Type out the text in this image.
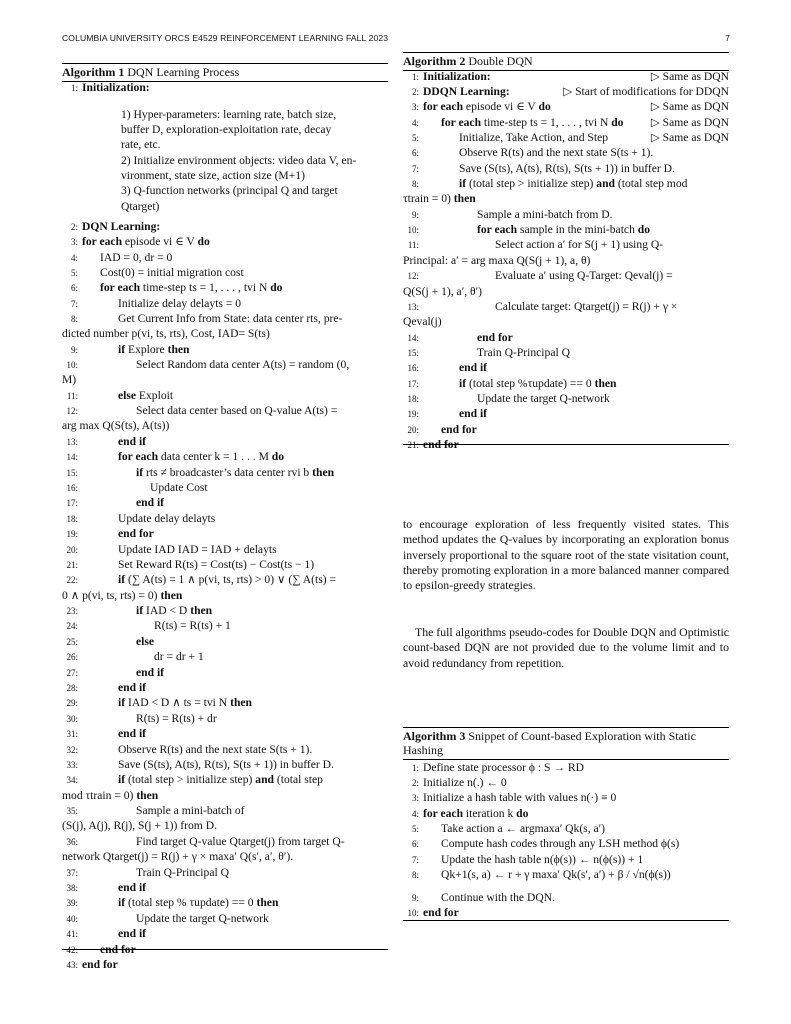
COLUMBIA UNIVERSITY ORCS E4529 REINFORCEMENT LEARNING FALL 2023	7
Algorithm 1 DQN Learning Process
1: Initialization:
1) Hyper-parameters: learning rate, batch size,
buffer D, exploration-exploitation rate, decay
rate, etc.
2) Initialize environment objects: video data V, en-
vironment, state size, action size (M+1)
3) Q-function networks (principal Q and target
Qtarget)
2: DQN Learning:
3: for each episode vi ∈ V do
4: IAD = 0, dr = 0
5: Cost(0) = initial migration cost
6: for each time-step ts = 1, . . . , tvi N do
7:	Initialize delay delayts = 0
8:	Get Current Info from State: data center rts, pre-
dicted number p(vi, ts, rts), Cost, IAD= S(ts)
9:	if Explore then
10:	Select Random data center A(ts) = random (0,
M)
11:	else Exploit
12:	Select data center based on Q-value A(ts) =
arg max Q(S(ts), A(ts))
13:	end if
14:	for each data center k = 1 . . . M do
15:	if rts ≠ broadcaster’s data center rvi b then
16:	Update Cost
17:	end if
18:	Update delay delayts
19:	end for
20:	Update IAD IAD = IAD + delayts
21:	Set Reward R(ts) = Cost(ts) − Cost(ts − 1)
22:	if (∑ A(ts) = 1 ∧ p(vi, ts, rts) > 0) ∨ (∑ A(ts) =
0 ∧ p(vi, ts, rts) = 0) then
23:	if IAD < D then
24:	R(ts) = R(ts) + 1
25:	else
26:	dr = dr + 1
27:	end if
28:	end if
29:	if IAD < D ∧ ts = tvi N then
30:	R(ts) = R(ts) + dr
31:	end if
32:	Observe R(ts) and the next state S(ts + 1).
33:	Save (S(ts), A(ts), R(ts), S(ts + 1)) in buffer D.
34:	if (total step > initialize step) and (total step
mod τtrain = 0) then
35:	Sample a mini-batch of
(S(j), A(j), R(j), S(j + 1)) from D.
36:	Find target Q-value Qtarget(j) from target Q-
network Qtarget(j) = R(j) + γ × maxa′ Q(s′, a′, θ′).
37:	Train Q-Principal Q
38:	end if
39:	if (total step % τupdate) == 0 then
40:	Update the target Q-network
41:	end if
42: end for
43: end for
Algorithm 2 Double DQN
1: Initialization:	▷ Same as DQN
2: DDQN Learning:	▷ Start of modifications for DDQN
3: for each episode vi ∈ V do	▷ Same as DQN
4: for each time-step ts = 1, . . . , tvi N do ▷ Same as DQN
5:	Initialize, Take Action, and Step	▷ Same as DQN
6:	Observe R(ts) and the next state S(ts + 1).
7:	Save (S(ts), A(ts), R(ts), S(ts + 1)) in buffer D.
8:	if (total step > initialize step) and (total step mod
τtrain = 0) then
9:	Sample a mini-batch from D.
10:	for each sample in the mini-batch do
11:	Select action a′ for S(j + 1) using Q-
Principal: a′ = arg maxa Q(S(j + 1), a, θ)
12:	Evaluate a′ using Q-Target: Qeval(j) =
Q(S(j + 1), a′, θ′)
13:	Calculate target: Qtarget(j) = R(j) + γ ×
Qeval(j)
14:	end for
15:	Train Q-Principal Q
16:	end if
17:	if (total step %τupdate) == 0 then
18:	Update the target Q-network
19:	end if
20: end for
21: end for

to encourage exploration of less frequently visited states. This method updates the Q-values by incorporating an exploration bonus inversely proportional to the square root of the state visitation count, thereby promoting exploration in a more balanced manner compared to epsilon-greedy strategies.

The full algorithms pseudo-codes for Double DQN and Optimistic count-based DQN are not provided due to the volume limit and to avoid redundancy from repetition.

Algorithm 3 Snippet of Count-based Exploration with Static Hashing
1: Define state processor ϕ : S → RD
2: Initialize n(.) ← 0
3: Initialize a hash table with values n(·) ≡ 0
4: for each iteration k do
5: Take action a ← argmaxa′ Qk(s, a′)
6: Compute hash codes through any LSH method ϕ(s)
7: Update the hash table n(ϕ(s)) ← n(ϕ(s)) + 1
8: Qk+1(s, a) ← r + γ maxa′ Qk(s′, a′) + β / √n(ϕ(s))
9: Continue with the DQN.
10: end for
